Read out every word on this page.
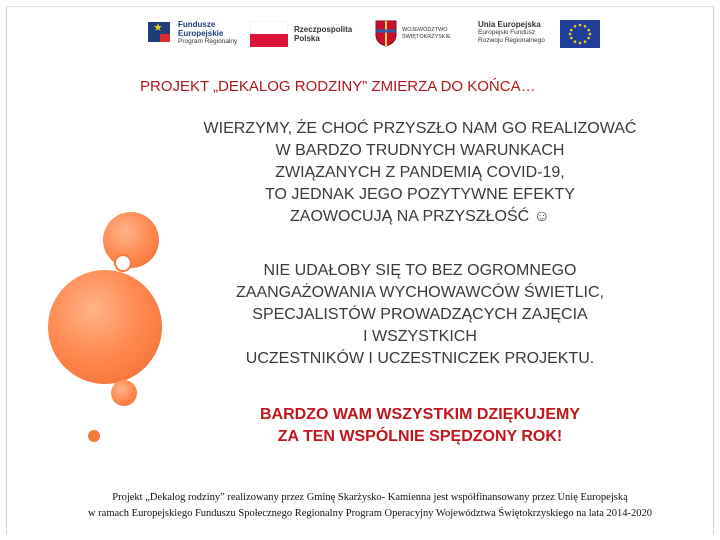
Fundusze
Europejskie
Program Regionalny
Rzeczpospolita
Polska
WOJEWÓDZTWO
ŚWIĘTOKRZYSKIE
Unia Europejska
Europejski Fundusz
Rozwoju Regionalnego
PROJEKT „DEKALOG RODZINY” ZMIERZA DO KOŃCA…
WIERZYMY, ŻE CHOĆ PRZYSZŁO NAM GO REALIZOWAĆ
W BARDZO TRUDNYCH WARUNKACH
ZWIĄZANYCH Z PANDEMIĄ COVID-19,
TO JEDNAK JEGO POZYTYWNE EFEKTY
ZAOWOCUJĄ NA PRZYSZŁOŚĆ ☺
NIE UDAŁOBY SIĘ TO BEZ OGROMNEGO
ZAANGAŻOWANIA WYCHOWAWCÓW ŚWIETLIC,
SPECJALISTÓW PROWADZĄCYCH ZAJĘCIA
I WSZYSTKICH
UCZESTNIKÓW I UCZESTNICZEK PROJEKTU.
BARDZO WAM WSZYSTKIM DZIĘKUJEMY
ZA TEN WSPÓLNIE SPĘDZONY ROK!
Projekt „Dekalog rodziny” realizowany przez Gminę Skarżysko- Kamienna jest współfinansowany przez Unię Europejską
w ramach Europejskiego Funduszu Społecznego Regionalny Program Operacyjny Województwa Świętokrzyskiego na lata 2014-2020
